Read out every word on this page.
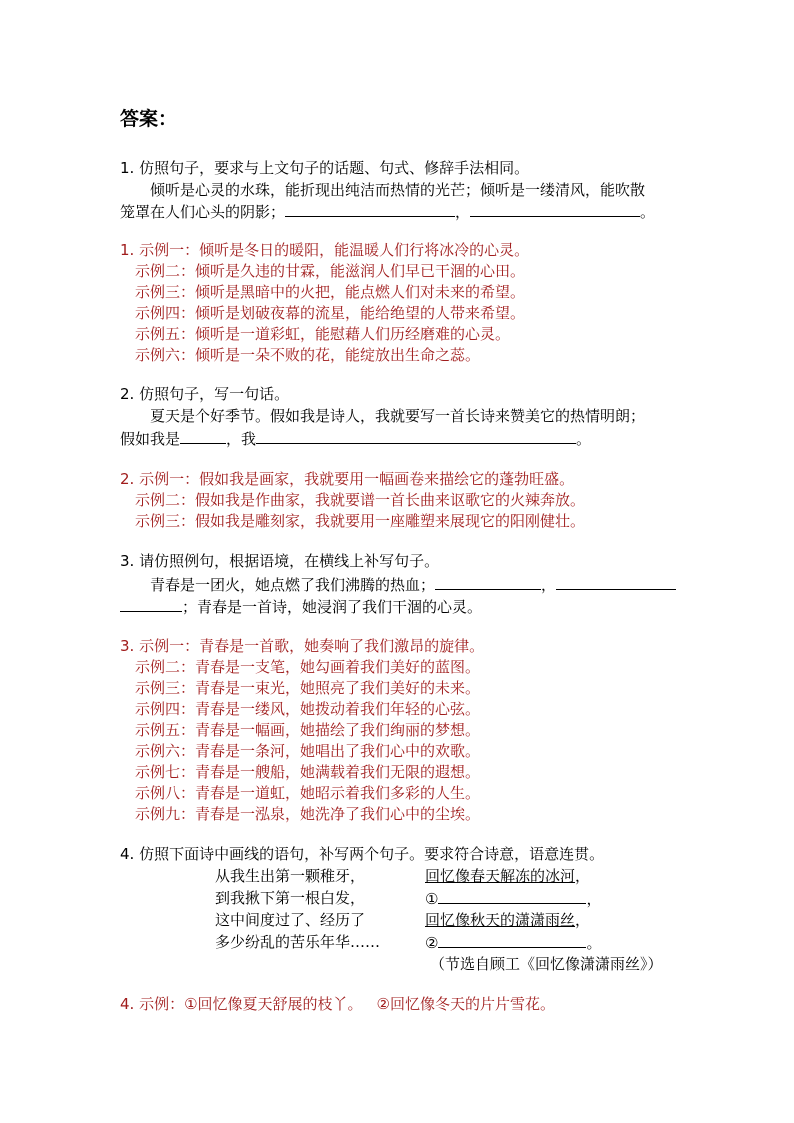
答案：
1. 仿照句子，要求与上文句子的话题、句式、修辞手法相同。
倾听是心灵的水珠，能折现出纯洁而热情的光芒；倾听是一缕清风，能吹散
笼罩在人们心头的阴影；	，	。
1. 示例一：倾听是冬日的暖阳，能温暖人们行将冰冷的心灵。
示例二：倾听是久违的甘霖，能滋润人们早已干涸的心田。
示例三：倾听是黑暗中的火把，能点燃人们对未来的希望。
示例四：倾听是划破夜幕的流星，能给绝望的人带来希望。
示例五：倾听是一道彩虹，能慰藉人们历经磨难的心灵。
示例六：倾听是一朵不败的花，能绽放出生命之蕊。
2. 仿照句子，写一句话。
夏天是个好季节。假如我是诗人，我就要写一首长诗来赞美它的热情明朗；
假如我是	，我	。
2. 示例一：假如我是画家，我就要用一幅画卷来描绘它的蓬勃旺盛。
示例二：假如我是作曲家，我就要谱一首长曲来讴歌它的火辣奔放。
示例三：假如我是雕刻家，我就要用一座雕塑来展现它的阳刚健壮。
3. 请仿照例句，根据语境，在横线上补写句子。
青春是一团火，她点燃了我们沸腾的热血；	，
；青春是一首诗，她浸润了我们干涸的心灵。
3. 示例一：青春是一首歌，她奏响了我们激昂的旋律。
示例二：青春是一支笔，她勾画着我们美好的蓝图。
示例三：青春是一束光，她照亮了我们美好的未来。
示例四：青春是一缕风，她拨动着我们年轻的心弦。
示例五：青春是一幅画，她描绘了我们绚丽的梦想。
示例六：青春是一条河，她唱出了我们心中的欢歌。
示例七：青春是一艘船，她满载着我们无限的遐想。
示例八：青春是一道虹，她昭示着我们多彩的人生。
示例九：青春是一泓泉，她洗净了我们心中的尘埃。
4. 仿照下面诗中画线的语句，补写两个句子。要求符合诗意，语意连贯。
从我生出第一颗稚牙，
到我揪下第一根白发，
这中间度过了、经历了
多少纷乱的苦乐年华……
回忆像春天解冻的冰河，
①	，
回忆像秋天的潇潇雨丝，
②	。
（节选自顾工《回忆像潇潇雨丝》）
4. 示例：①回忆像夏天舒展的枝丫。 ②回忆像冬天的片片雪花。
